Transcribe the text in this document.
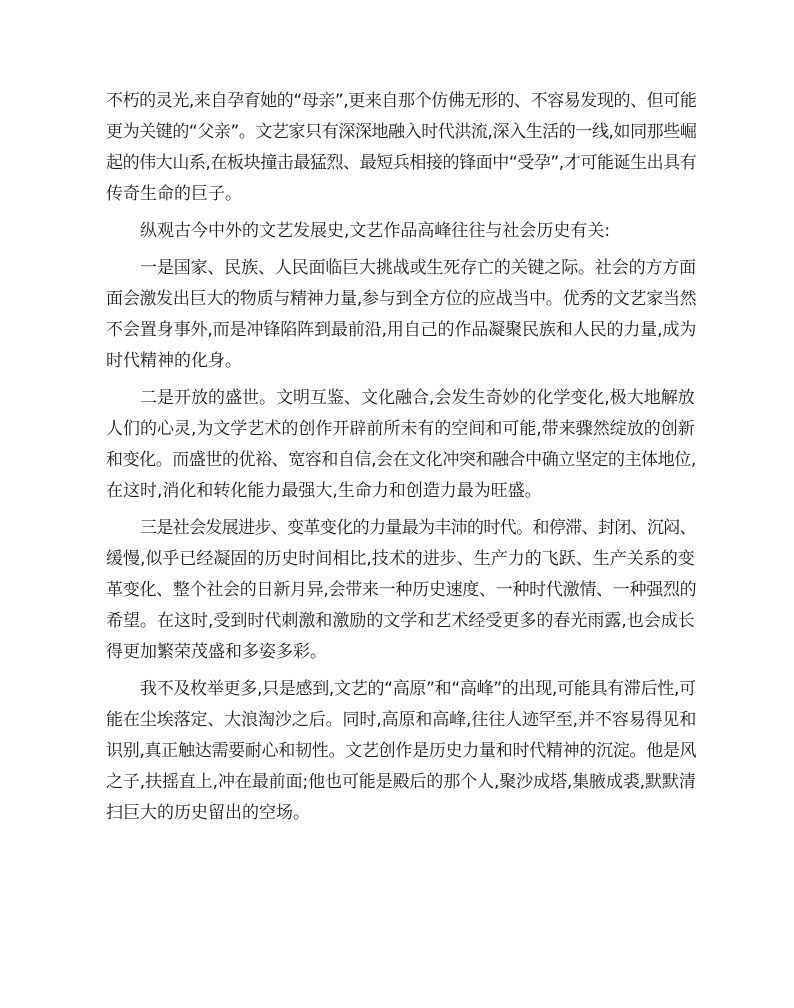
不朽的灵光,来自孕育她的“母亲”,更来自那个仿佛无形的、不容易发现的、但可能
更为关键的“父亲”。文艺家只有深深地融入时代洪流,深入生活的一线,如同那些崛
起的伟大山系,在板块撞击最猛烈、最短兵相接的锋面中“受孕”,才可能诞生出具有
传奇生命的巨子。
纵观古今中外的文艺发展史,文艺作品高峰往往与社会历史有关:
一是国家、民族、人民面临巨大挑战或生死存亡的关键之际。社会的方方面
面会激发出巨大的物质与精神力量,参与到全方位的应战当中。优秀的文艺家当然
不会置身事外,而是冲锋陷阵到最前沿,用自己的作品凝聚民族和人民的力量,成为
时代精神的化身。
二是开放的盛世。文明互鉴、文化融合,会发生奇妙的化学变化,极大地解放
人们的心灵,为文学艺术的创作开辟前所未有的空间和可能,带来骤然绽放的创新
和变化。而盛世的优裕、宽容和自信,会在文化冲突和融合中确立坚定的主体地位,
在这时,消化和转化能力最强大,生命力和创造力最为旺盛。
三是社会发展进步、变革变化的力量最为丰沛的时代。和停滞、封闭、沉闷、
缓慢,似乎已经凝固的历史时间相比,技术的进步、生产力的飞跃、生产关系的变
革变化、整个社会的日新月异,会带来一种历史速度、一种时代激情、一种强烈的
希望。在这时,受到时代刺激和激励的文学和艺术经受更多的春光雨露,也会成长
得更加繁荣茂盛和多姿多彩。
我不及枚举更多,只是感到,文艺的“高原”和“高峰”的出现,可能具有滞后性,可
能在尘埃落定、大浪淘沙之后。同时,高原和高峰,往往人迹罕至,并不容易得见和
识别,真正触达需要耐心和韧性。文艺创作是历史力量和时代精神的沉淀。他是风
之子,扶摇直上,冲在最前面;他也可能是殿后的那个人,聚沙成塔,集腋成裘,默默清
扫巨大的历史留出的空场。
